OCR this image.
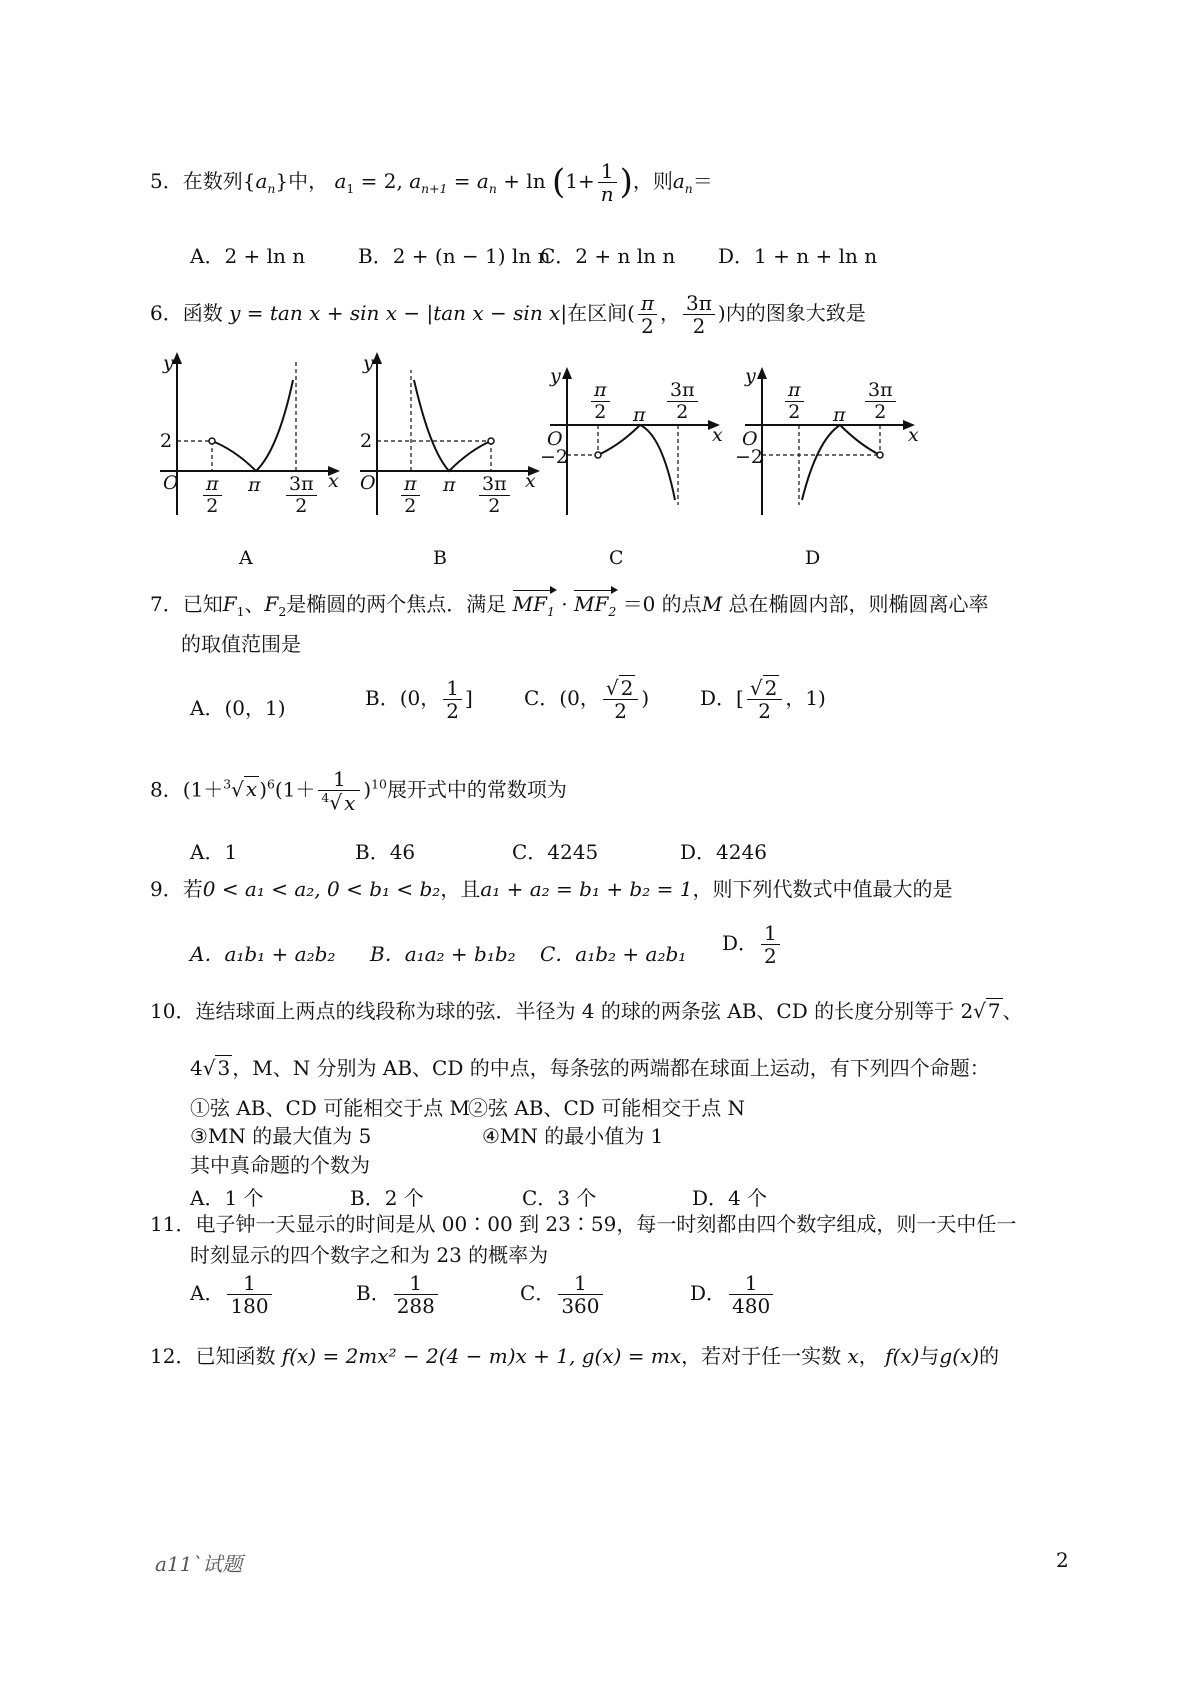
5．在数列$\{a_n\}$中， $a_1 = 2$, $a_{n+1} = a_n + \ln (1+ \frac{1}{n}$ )，则$a_n=$
A．2 + ln n	B．2 + (n − 1) ln n
C．2 + n ln n D．1 + n + ln n
6．函数 y = tan x + sin x − |tan x − sin x|在区间( $\frac{\pi}{2}$ ， $\frac{3\pi}{2}$ )内的图象大致是
y
2
O	x
π
$\frac{\pi}{2}$	$\frac{3\pi}{2}$
A
y
2
O	x
π
$\frac{\pi}{2}$	$\frac{3\pi}{2}$
B
y
O
−2
x
π
$\frac{\pi}{2}$	$\frac{3\pi}{2}$
C
y
O
−2
x
π
$\frac{\pi}{2}$	$\frac{3\pi}{2}$
D
7．已知$F_1$、$F_2$是椭圆的两个焦点．满足 $MF_1 \cdot MF_2 =0$ 的点M 总在椭圆内部，则椭圆离心率
的取值范围是
A．(0，1)	B．(0， $\frac{1}{2}$ ]	C．(0， $\frac{√ 2}{2}$ )	D．[ $\frac{√ 2}{2}$ ，1)
8．(1＋$^3$√ x )$^6(1+ \frac{1}{^4√ x} )^{10}$展开式中的常数项为
A．1	B．46	C．4245	D．4246
9．若0 < a₁ < a₂, 0 < b₁ < b₂，且a₁ + a₂ = b₁ + b₂ = 1，则下列代数式中值最大的是
A．a₁b₁ + a₂b₂ B．a₁a₂ + b₁b₂ C．a₁b₂ + a₂b₁ D． $\frac{1}{2}$
10．连结球面上两点的线段称为球的弦．半径为 4 的球的两条弦 AB、CD 的长度分别等于 2√ 7 、
4√ 3 ，M、N 分别为 AB、CD 的中点，每条弦的两端都在球面上运动，有下列四个命题：
①弦 AB、CD 可能相交于点 M
②弦 AB、CD 可能相交于点 N
③MN 的最大值为 5	④MN 的最小值为 1
其中真命题的个数为
A．1 个	B．2 个	C．3 个	D．4 个
11．电子钟一天显示的时间是从 00∶00 到 23∶59，每一时刻都由四个数字组成，则一天中任一
时刻显示的四个数字之和为 23 的概率为
A． $\frac{1}{180}$	B． $\frac{1}{288}$	C． $\frac{1}{360}$	D． $\frac{1}{480}$
12．已知函数 f(x) = 2mx² − 2(4 − m)x + 1, g(x) = mx，若对于任一实数 x， f(x)与g(x)的
a11`试题	2
